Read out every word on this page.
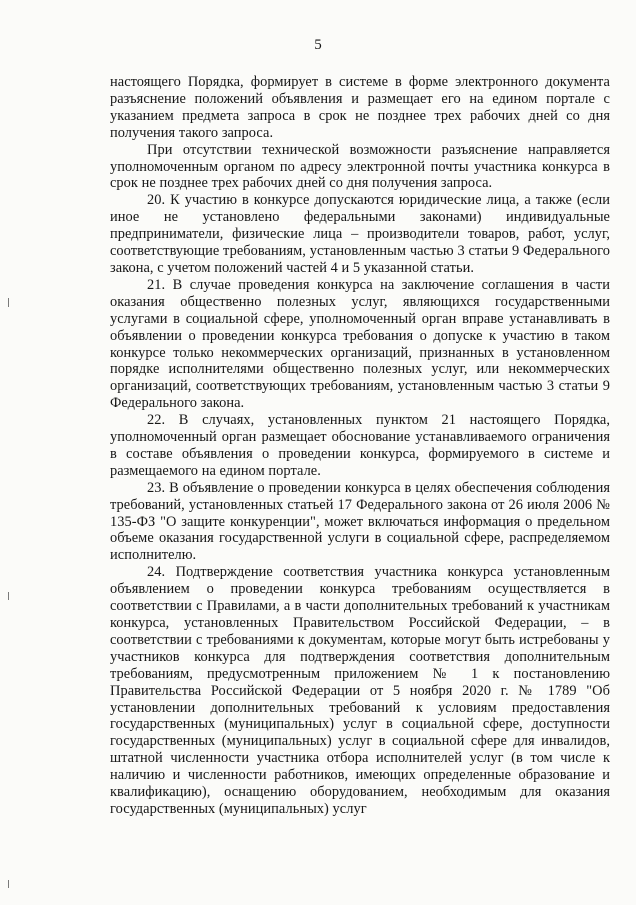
5

настоящего Порядка, формирует в системе в форме электронного документа разъяснение положений объявления и размещает его на едином портале с указанием предмета запроса в срок не позднее трех рабочих дней со дня получения такого запроса.

При отсутствии технической возможности разъяснение направляется уполномоченным органом по адресу электронной почты участника конкурса в срок не позднее трех рабочих дней со дня получения запроса.

20. К участию в конкурсе допускаются юридические лица, а также (если иное не установлено федеральными законами) индивидуальные предприниматели, физические лица – производители товаров, работ, услуг, соответствующие требованиям, установленным частью 3 статьи 9 Федерального закона, с учетом положений частей 4 и 5 указанной статьи.

21. В случае проведения конкурса на заключение соглашения в части оказания общественно полезных услуг, являющихся государственными услугами в социальной сфере, уполномоченный орган вправе устанавливать в объявлении о проведении конкурса требования о допуске к участию в таком конкурсе только некоммерческих организаций, признанных в установленном порядке исполнителями общественно полезных услуг, или некоммерческих организаций, соответствующих требованиям, установленным частью 3 статьи 9 Федерального закона.

22. В случаях, установленных пунктом 21 настоящего Порядка, уполномоченный орган размещает обоснование устанавливаемого ограничения в составе объявления о проведении конкурса, формируемого в системе и размещаемого на едином портале.

23. В объявление о проведении конкурса в целях обеспечения соблюдения требований, установленных статьей 17 Федерального закона от 26 июля 2006 № 135-ФЗ "О защите конкуренции", может включаться информация о предельном объеме оказания государственной услуги в социальной сфере, распределяемом исполнителю.

24. Подтверждение соответствия участника конкурса установленным объявлением о проведении конкурса требованиям осуществляется в соответствии с Правилами, а в части дополнительных требований к участникам конкурса, установленных Правительством Российской Федерации, – в соответствии с требованиями к документам, которые могут быть истребованы у участников конкурса для подтверждения соответствия дополнительным требованиям, предусмотренным приложением № 1 к постановлению Правительства Российской Федерации от 5 ноября 2020 г. № 1789 "Об установлении дополнительных требований к условиям предоставления государственных (муниципальных) услуг в социальной сфере, доступности государственных (муниципальных) услуг в социальной сфере для инвалидов, штатной численности участника отбора исполнителей услуг (в том числе к наличию и численности работников, имеющих определенные образование и квалификацию), оснащению оборудованием, необходимым для оказания государственных (муниципальных) услуг
